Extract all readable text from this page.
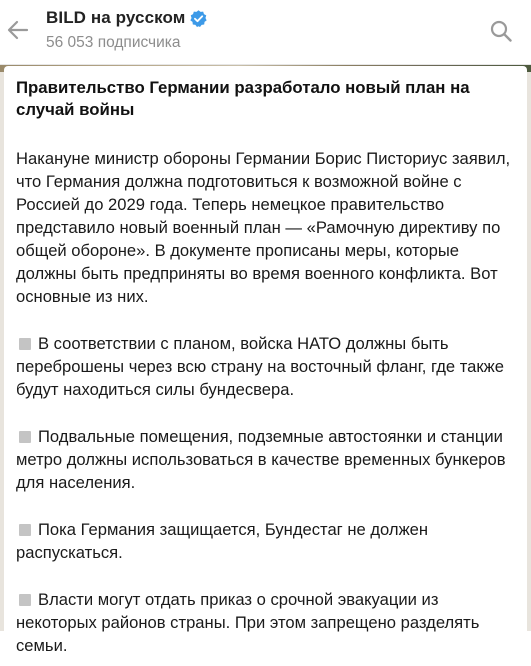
BILD на русском
56 053 подписчика
Правительство Германии разработало новый план на случай войны
Накануне министр обороны Германии Борис Писториус заявил, что Германия должна подготовиться к возможной войне с Россией до 2029 года. Теперь немецкое правительство представило новый военный план — «Рамочную директиву по общей обороне». В документе прописаны меры, которые должны быть предприняты во время военного конфликта. Вот основные из них.
В соответствии с планом, войска НАТО должны быть переброшены через всю страну на восточный фланг, где также будут находиться силы бундесвера.
Подвальные помещения, подземные автостоянки и станции метро должны использоваться в качестве временных бункеров для населения.
Пока Германия защищается, Бундестаг не должен распускаться.
Власти могут отдать приказ о срочной эвакуации из некоторых районов страны. При этом запрещено разделять семьи.
